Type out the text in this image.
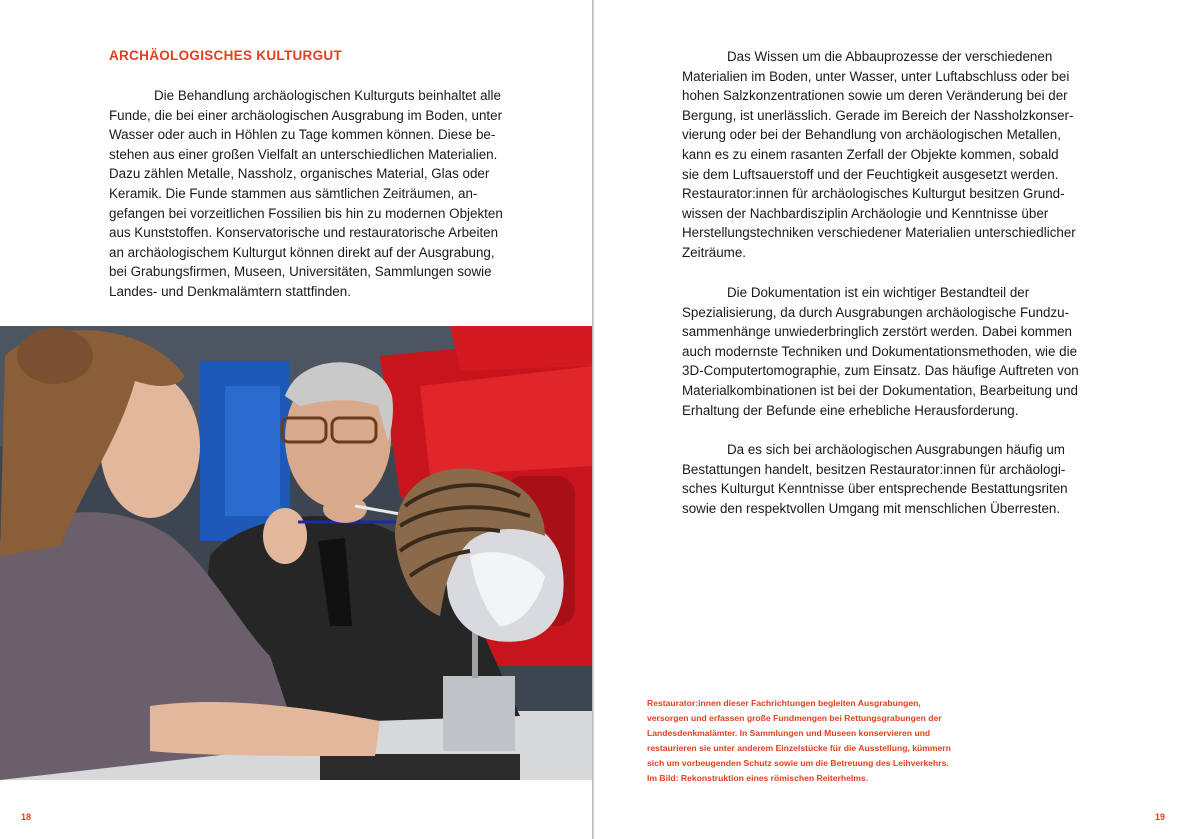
ARCHÄOLOGISCHES KULTURGUT
Die Behandlung archäologischen Kulturguts beinhaltet alle
Funde, die bei einer archäologischen Ausgrabung im Boden, unter
Wasser oder auch in Höhlen zu Tage kommen können. Diese be-
stehen aus einer großen Vielfalt an unterschiedlichen Materialien.
Dazu zählen Metalle, Nassholz, organisches Material, Glas oder
Keramik. Die Funde stammen aus sämtlichen Zeiträumen, an-
gefangen bei vorzeitlichen Fossilien bis hin zu modernen Objekten
aus Kunststoffen. Konservatorische und restauratorische Arbeiten
an archäologischem Kulturgut können direkt auf der Ausgrabung,
bei Grabungsfirmen, Museen, Universitäten, Sammlungen sowie
Landes- und Denkmalämtern stattfinden.
18
Das Wissen um die Abbauprozesse der verschiedenen
Materialien im Boden, unter Wasser, unter Luftabschluss oder bei
hohen Salzkonzentrationen sowie um deren Veränderung bei der
Bergung, ist unerlässlich. Gerade im Bereich der Nassholzkonser-
vierung oder bei der Behandlung von archäologischen Metallen,
kann es zu einem rasanten Zerfall der Objekte kommen, sobald
sie dem Luftsauerstoff und der Feuchtigkeit ausgesetzt werden.
Restaurator:innen für archäologisches Kulturgut besitzen Grund-
wissen der Nachbardisziplin Archäologie und Kenntnisse über
Herstellungstechniken verschiedener Materialien unterschiedlicher
Zeiträume.
Die Dokumentation ist ein wichtiger Bestandteil der
Spezialisierung, da durch Ausgrabungen archäologische Fundzu-
sammenhänge unwiederbringlich zerstört werden. Dabei kommen
auch modernste Techniken und Dokumentationsmethoden, wie die
3D-Computertomographie, zum Einsatz. Das häufige Auftreten von
Materialkombinationen ist bei der Dokumentation, Bearbeitung und
Erhaltung der Befunde eine erhebliche Herausforderung.
Da es sich bei archäologischen Ausgrabungen häufig um
Bestattungen handelt, besitzen Restaurator:innen für archäologi-
sches Kulturgut Kenntnisse über entsprechende Bestattungsriten
sowie den respektvollen Umgang mit menschlichen Überresten.
Restaurator:innen dieser Fachrichtungen begleiten Ausgrabungen,
versorgen und erfassen große Fundmengen bei Rettungsgrabungen der
Landesdenkmalämter. In Sammlungen und Museen konservieren und
restaurieren sie unter anderem Einzelstücke für die Ausstellung, kümmern
sich um vorbeugenden Schutz sowie um die Betreuung des Leihverkehrs.
Im Bild: Rekonstruktion eines römischen Reiterhelms.
19
